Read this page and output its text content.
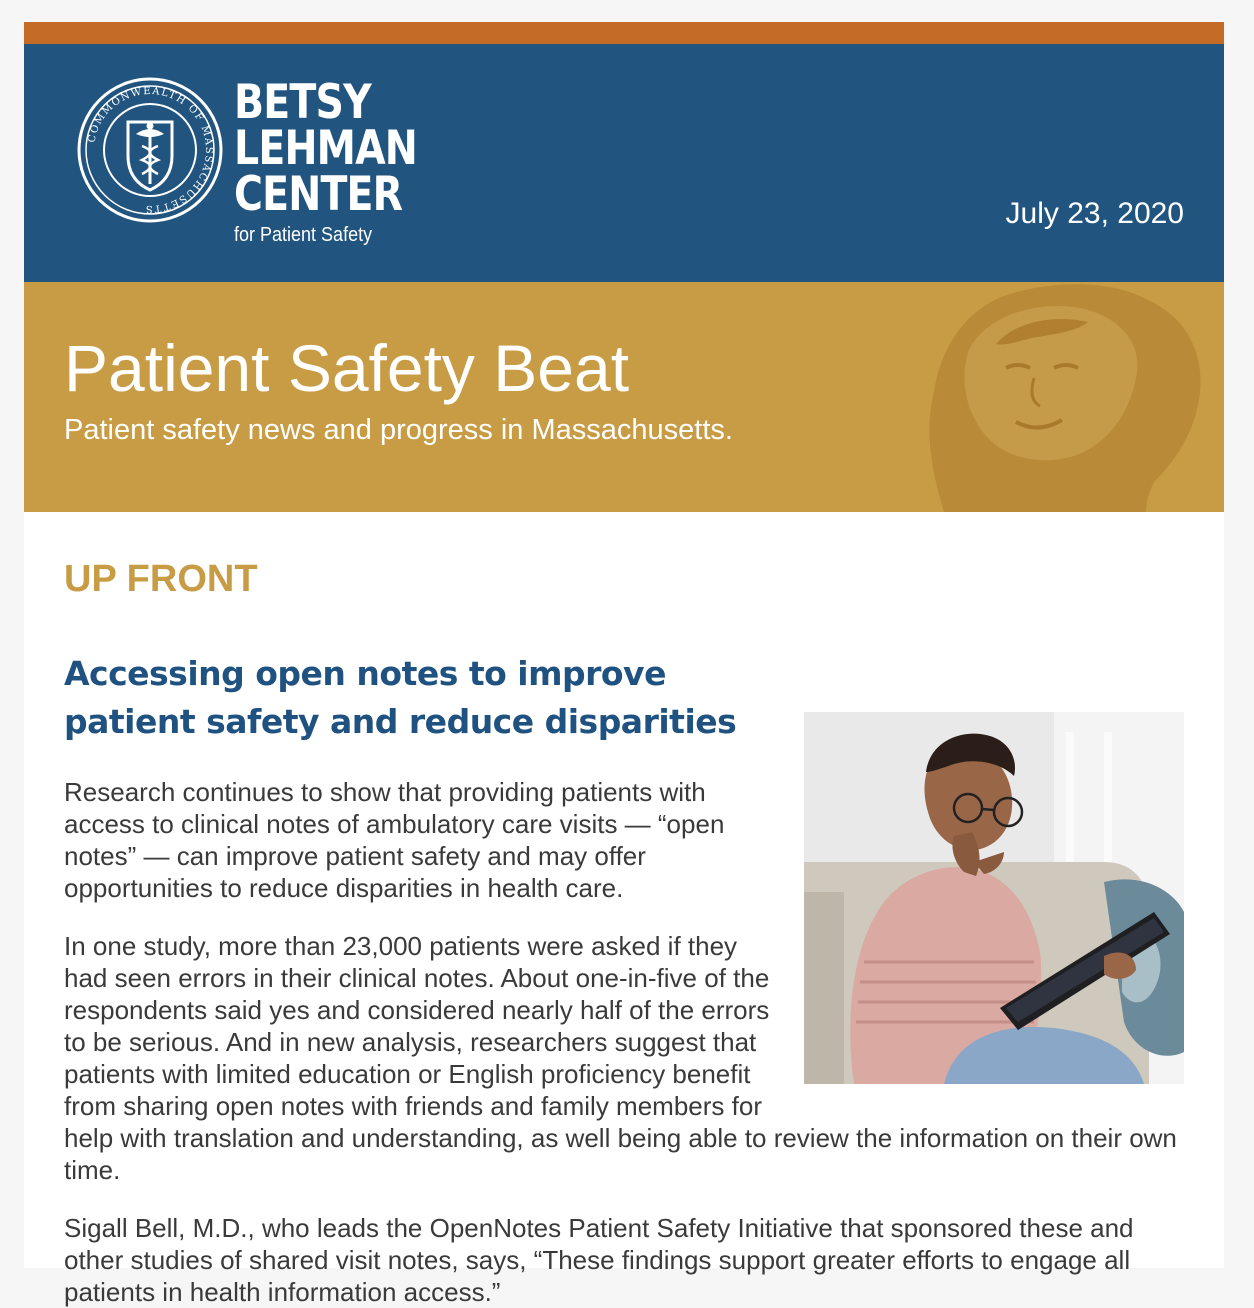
COMMONWEALTH OF MASSACHUSETTS
BETSY
LEHMAN
CENTER
for Patient Safety
July 23, 2020
Patient Safety Beat

Patient safety news and progress in Massachusetts.

UP FRONT
Accessing open notes to improve patient safety and reduce disparities

Research continues to show that providing patients with access to clinical notes of ambulatory care visits — “open notes” — can improve patient safety and may offer opportunities to reduce disparities in health care.

In one study, more than 23,000 patients were asked if they had seen errors in their clinical notes. About one-in-five of the respondents said yes and considered nearly half of the errors to be serious. And in new analysis, researchers suggest that patients with limited education or English proficiency benefit from sharing open notes with friends and family members for help with translation and understanding, as well being able to review the information on their own time.

Sigall Bell, M.D., who leads the OpenNotes Patient Safety Initiative that sponsored these and other studies of shared visit notes, says, “These findings support greater efforts to engage all patients in health information access.”
